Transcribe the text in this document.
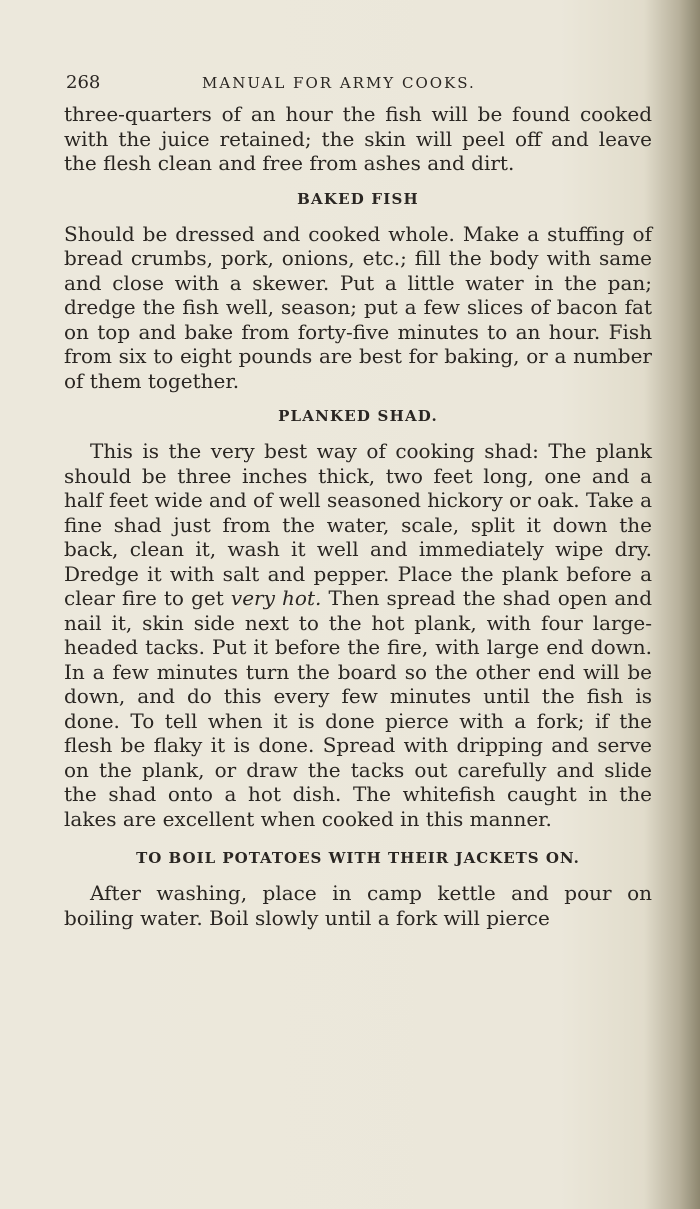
268	MANUAL FOR ARMY COOKS.

three-quarters of an hour the fish will be found cooked with the juice retained; the skin will peel off and leave the flesh clean and free from ashes and dirt.

BAKED FISH

Should be dressed and cooked whole. Make a stuffing of bread crumbs, pork, onions, etc.; fill the body with same and close with a skewer. Put a little water in the pan; dredge the fish well, season; put a few slices of bacon fat on top and bake from forty-five minutes to an hour. Fish from six to eight pounds are best for baking, or a number of them together.

PLANKED SHAD.

This is the very best way of cooking shad: The plank should be three inches thick, two feet long, one and a half feet wide and of well seasoned hickory or oak. Take a fine shad just from the water, scale, split it down the back, clean it, wash it well and immediately wipe dry. Dredge it with salt and pepper. Place the plank before a clear fire to get very hot. Then spread the shad open and nail it, skin side next to the hot plank, with four large-headed tacks. Put it before the fire, with large end down. In a few minutes turn the board so the other end will be down, and do this every few minutes until the fish is done. To tell when it is done pierce with a fork; if the flesh be flaky it is done. Spread with dripping and serve on the plank, or draw the tacks out carefully and slide the shad onto a hot dish. The whitefish caught in the lakes are excellent when cooked in this manner.

TO BOIL POTATOES WITH THEIR JACKETS ON.

After washing, place in camp kettle and pour on boiling water. Boil slowly until a fork will pierce
